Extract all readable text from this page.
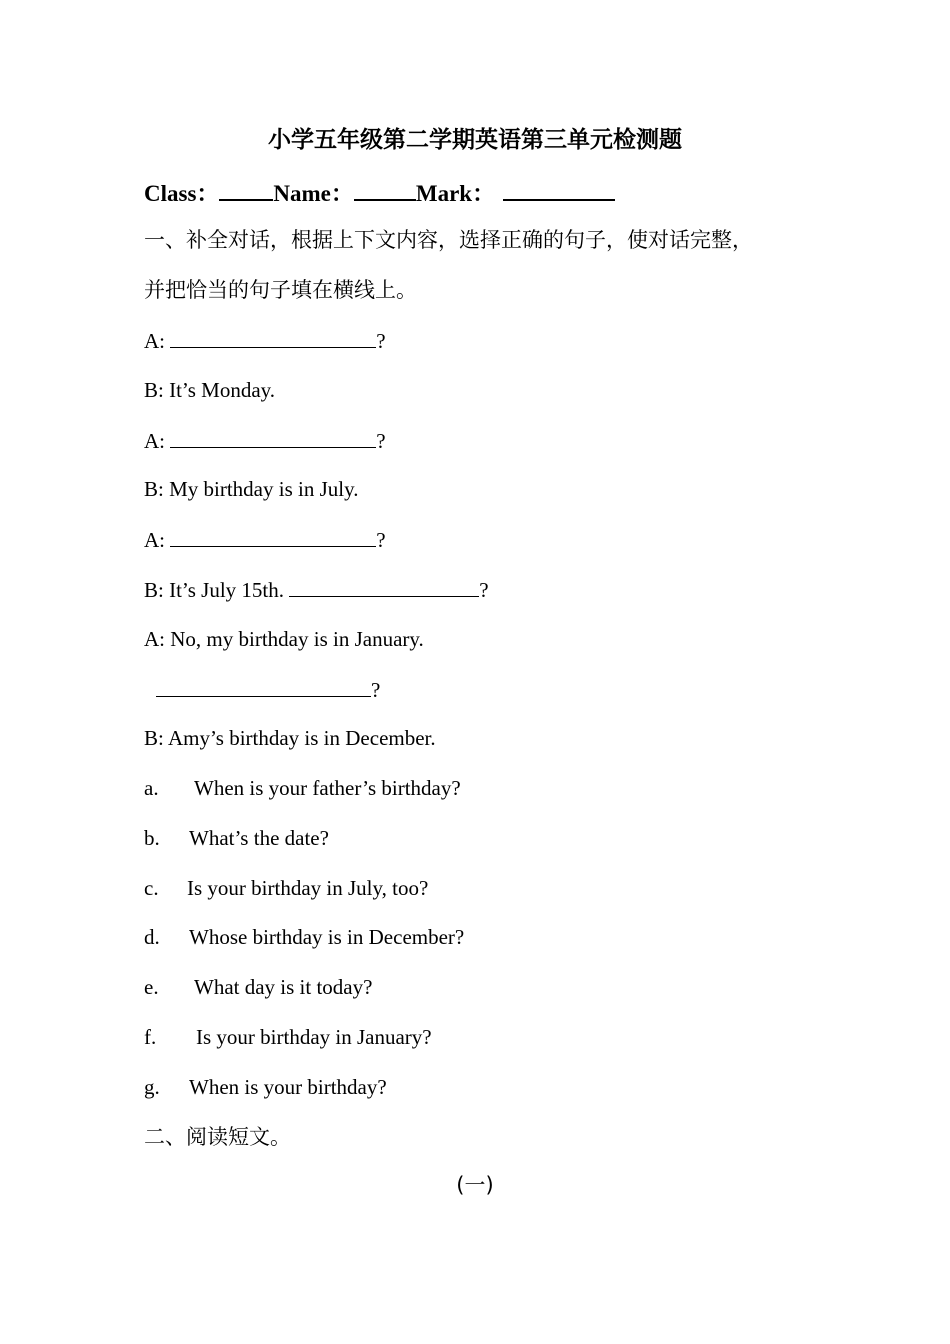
小学五年级第二学期英语第三单元检测题
Class： Name：	Mark：
一、补全对话，根据上下文内容，选择正确的句子，使对话完整，
并把恰当的句子填在横线上。
A:	?
B: It’s Monday.
A:	?
B: My birthday is in July.
A:	?
B: It’s July 15th.	?
A: No, my birthday is in January.
?
B: Amy’s birthday is in December.
a. When is your father’s birthday?
b. What’s the date?
c. Is your birthday in July, too?
d. Whose birthday is in December?
e. What day is it today?
f. Is your birthday in January?
g. When is your birthday?
二、阅读短文。
(一)
